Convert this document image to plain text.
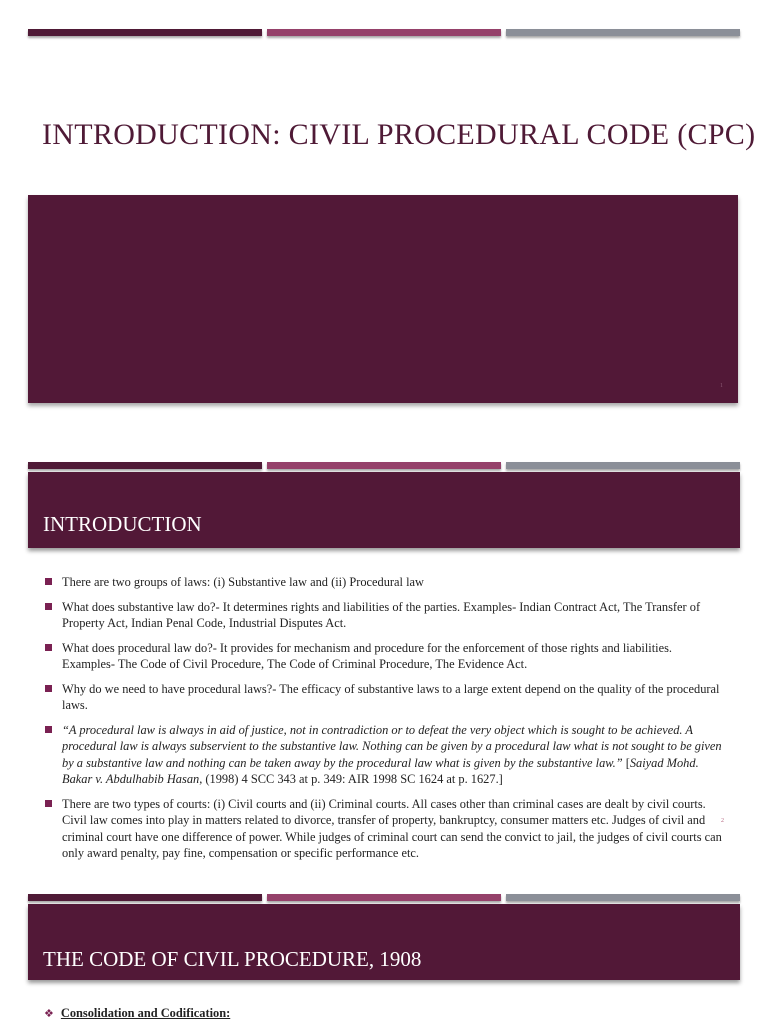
INTRODUCTION: CIVIL PROCEDURAL CODE (CPC)
1
INTRODUCTION
There are two groups of laws: (i) Substantive law and (ii) Procedural law
What does substantive law do?- It determines rights and liabilities of the parties. Examples- Indian Contract Act, The Transfer of Property Act, Indian Penal Code, Industrial Disputes Act.
What does procedural law do?- It provides for mechanism and procedure for the enforcement of those rights and liabilities. Examples- The Code of Civil Procedure, The Code of Criminal Procedure, The Evidence Act.
Why do we need to have procedural laws?- The efficacy of substantive laws to a large extent depend on the quality of the procedural laws.
“A procedural law is always in aid of justice, not in contradiction or to defeat the very object which is sought to be achieved. A procedural law is always subservient to the substantive law. Nothing can be given by a procedural law what is not sought to be given by a substantive law and nothing can be taken away by the procedural law what is given by the substantive law.” [Saiyad Mohd. Bakar v. Abdulhabib Hasan, (1998) 4 SCC 343 at p. 349: AIR 1998 SC 1624 at p. 1627.]
There are two types of courts: (i) Civil courts and (ii) Criminal courts. All cases other than criminal cases are dealt by civil courts. Civil law comes into play in matters related to divorce, transfer of property, bankruptcy, consumer matters etc. Judges of civil and criminal court have one difference of power. While judges of criminal court can send the convict to jail, the judges of civil courts can only award penalty, pay fine, compensation or specific performance etc.
2
THE CODE OF CIVIL PROCEDURE, 1908
❖ Consolidation and Codification:
